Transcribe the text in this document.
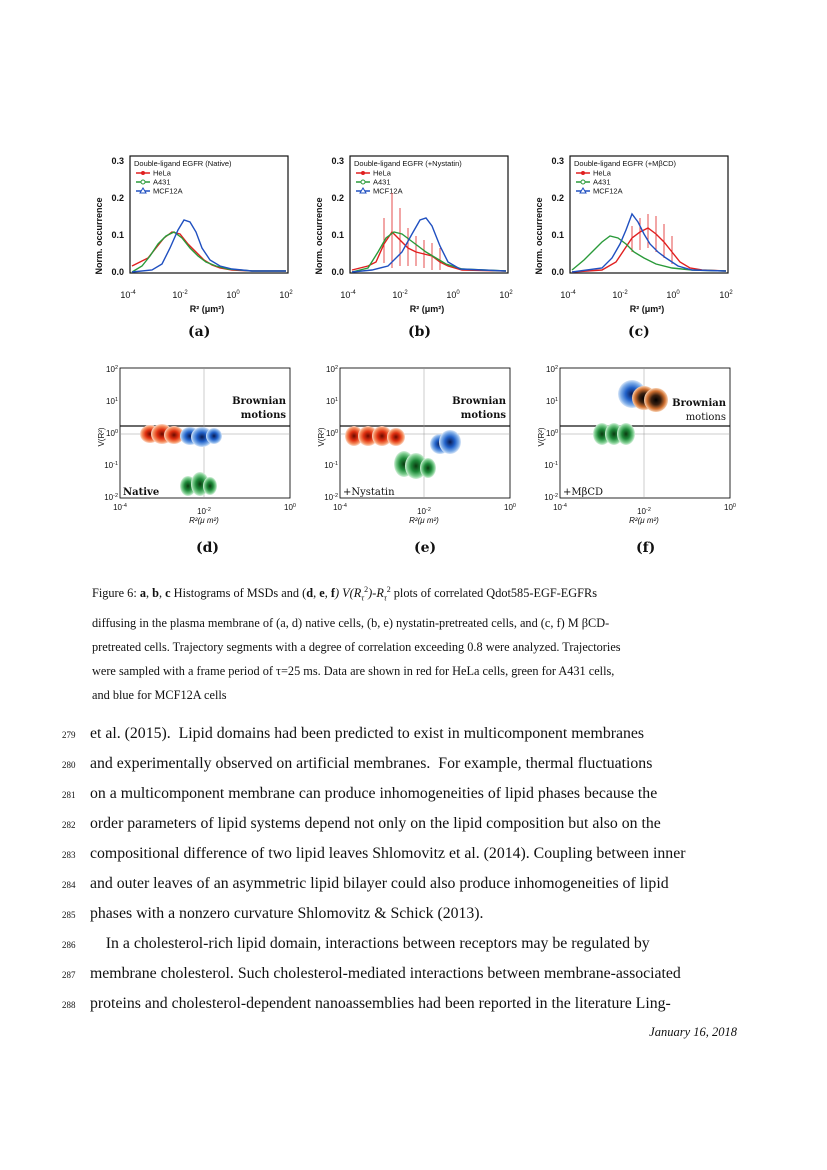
Norm. occurrence
0.3
0.2
0.1
0.0
$10^{-4}$	$10^{-2}$	$10^0$	$10^2$
R² (μm²)
Double-ligand EGFR (Native)
HeLa
A431
MCF12A
(a)
Norm. occurrence
0.3
0.2
0.1
0.0
$10^{-4}$	$10^{-2}$	$10^0$	$10^2$
R² (μm²)
Double-ligand EGFR (+Nystatin)
HeLa
A431
MCF12A
(b)
Norm. occurrence
0.3
0.2
0.1
0.0
$10^{-4}$	$10^{-2}$	$10^0$	$10^2$
R² (μm²)
Double-ligand EGFR (+MβCD)
HeLa
A431
MCF12A
(c)
V(R²)
$10^2$
$10^1$
$10^0$
$10^{-1}$
$10^{-2}$
$10^{-4}$
$10^{-2}$	$10^0$
R²(μ m²)
Brownian
motions
Native
(d)
V(R²)
$10^2$
$10^1$
$10^0$
$10^{-1}$
$10^{-2}$
$10^{-4}$
$10^{-2}$	$10^0$
R²(μ m²)
Brownian
motions
+Nystatin
(e)
V(R²)
$10^2$
$10^1$
$10^0$
$10^{-1}$
$10^{-2}$
$10^{-4}$
$10^{-2}$	$10^0$
R²(μ m²)
Brownian
motions
+MβCD
(f)
Figure 6: a, b, c Histograms of MSDs and (d, e, f) $V(R_\tau^2)-R_\tau^2$ plots of correlated Qdot585-EGF-EGFRs
diffusing in the plasma membrane of (a, d) native cells, (b, e) nystatin-pretreated cells, and (c, f) M βCD-
pretreated cells. Trajectory segments with a degree of correlation exceeding 0.8 were analyzed. Trajectories
were sampled with a frame period of τ=25 ms. Data are shown in red for HeLa cells, green for A431 cells,
and blue for MCF12A cells
279 et al. (2015).  Lipid domains had been predicted to exist in multicomponent membranes
280 and experimentally observed on artificial membranes.  For example, thermal fluctuations
281 on a multicomponent membrane can produce inhomogeneities of lipid phases because the
282 order parameters of lipid systems depend not only on the lipid composition but also on the
283 compositional difference of two lipid leaves Shlomovitz et al. (2014). Coupling between inner
284 and outer leaves of an asymmetric lipid bilayer could also produce inhomogeneities of lipid
285 phases with a nonzero curvature Shlomovitz & Schick (2013).
286 In a cholesterol-rich lipid domain, interactions between receptors may be regulated by
287 membrane cholesterol. Such cholesterol-mediated interactions between membrane-associated
288 proteins and cholesterol-dependent nanoassemblies had been reported in the literature Ling-
January 16, 2018
